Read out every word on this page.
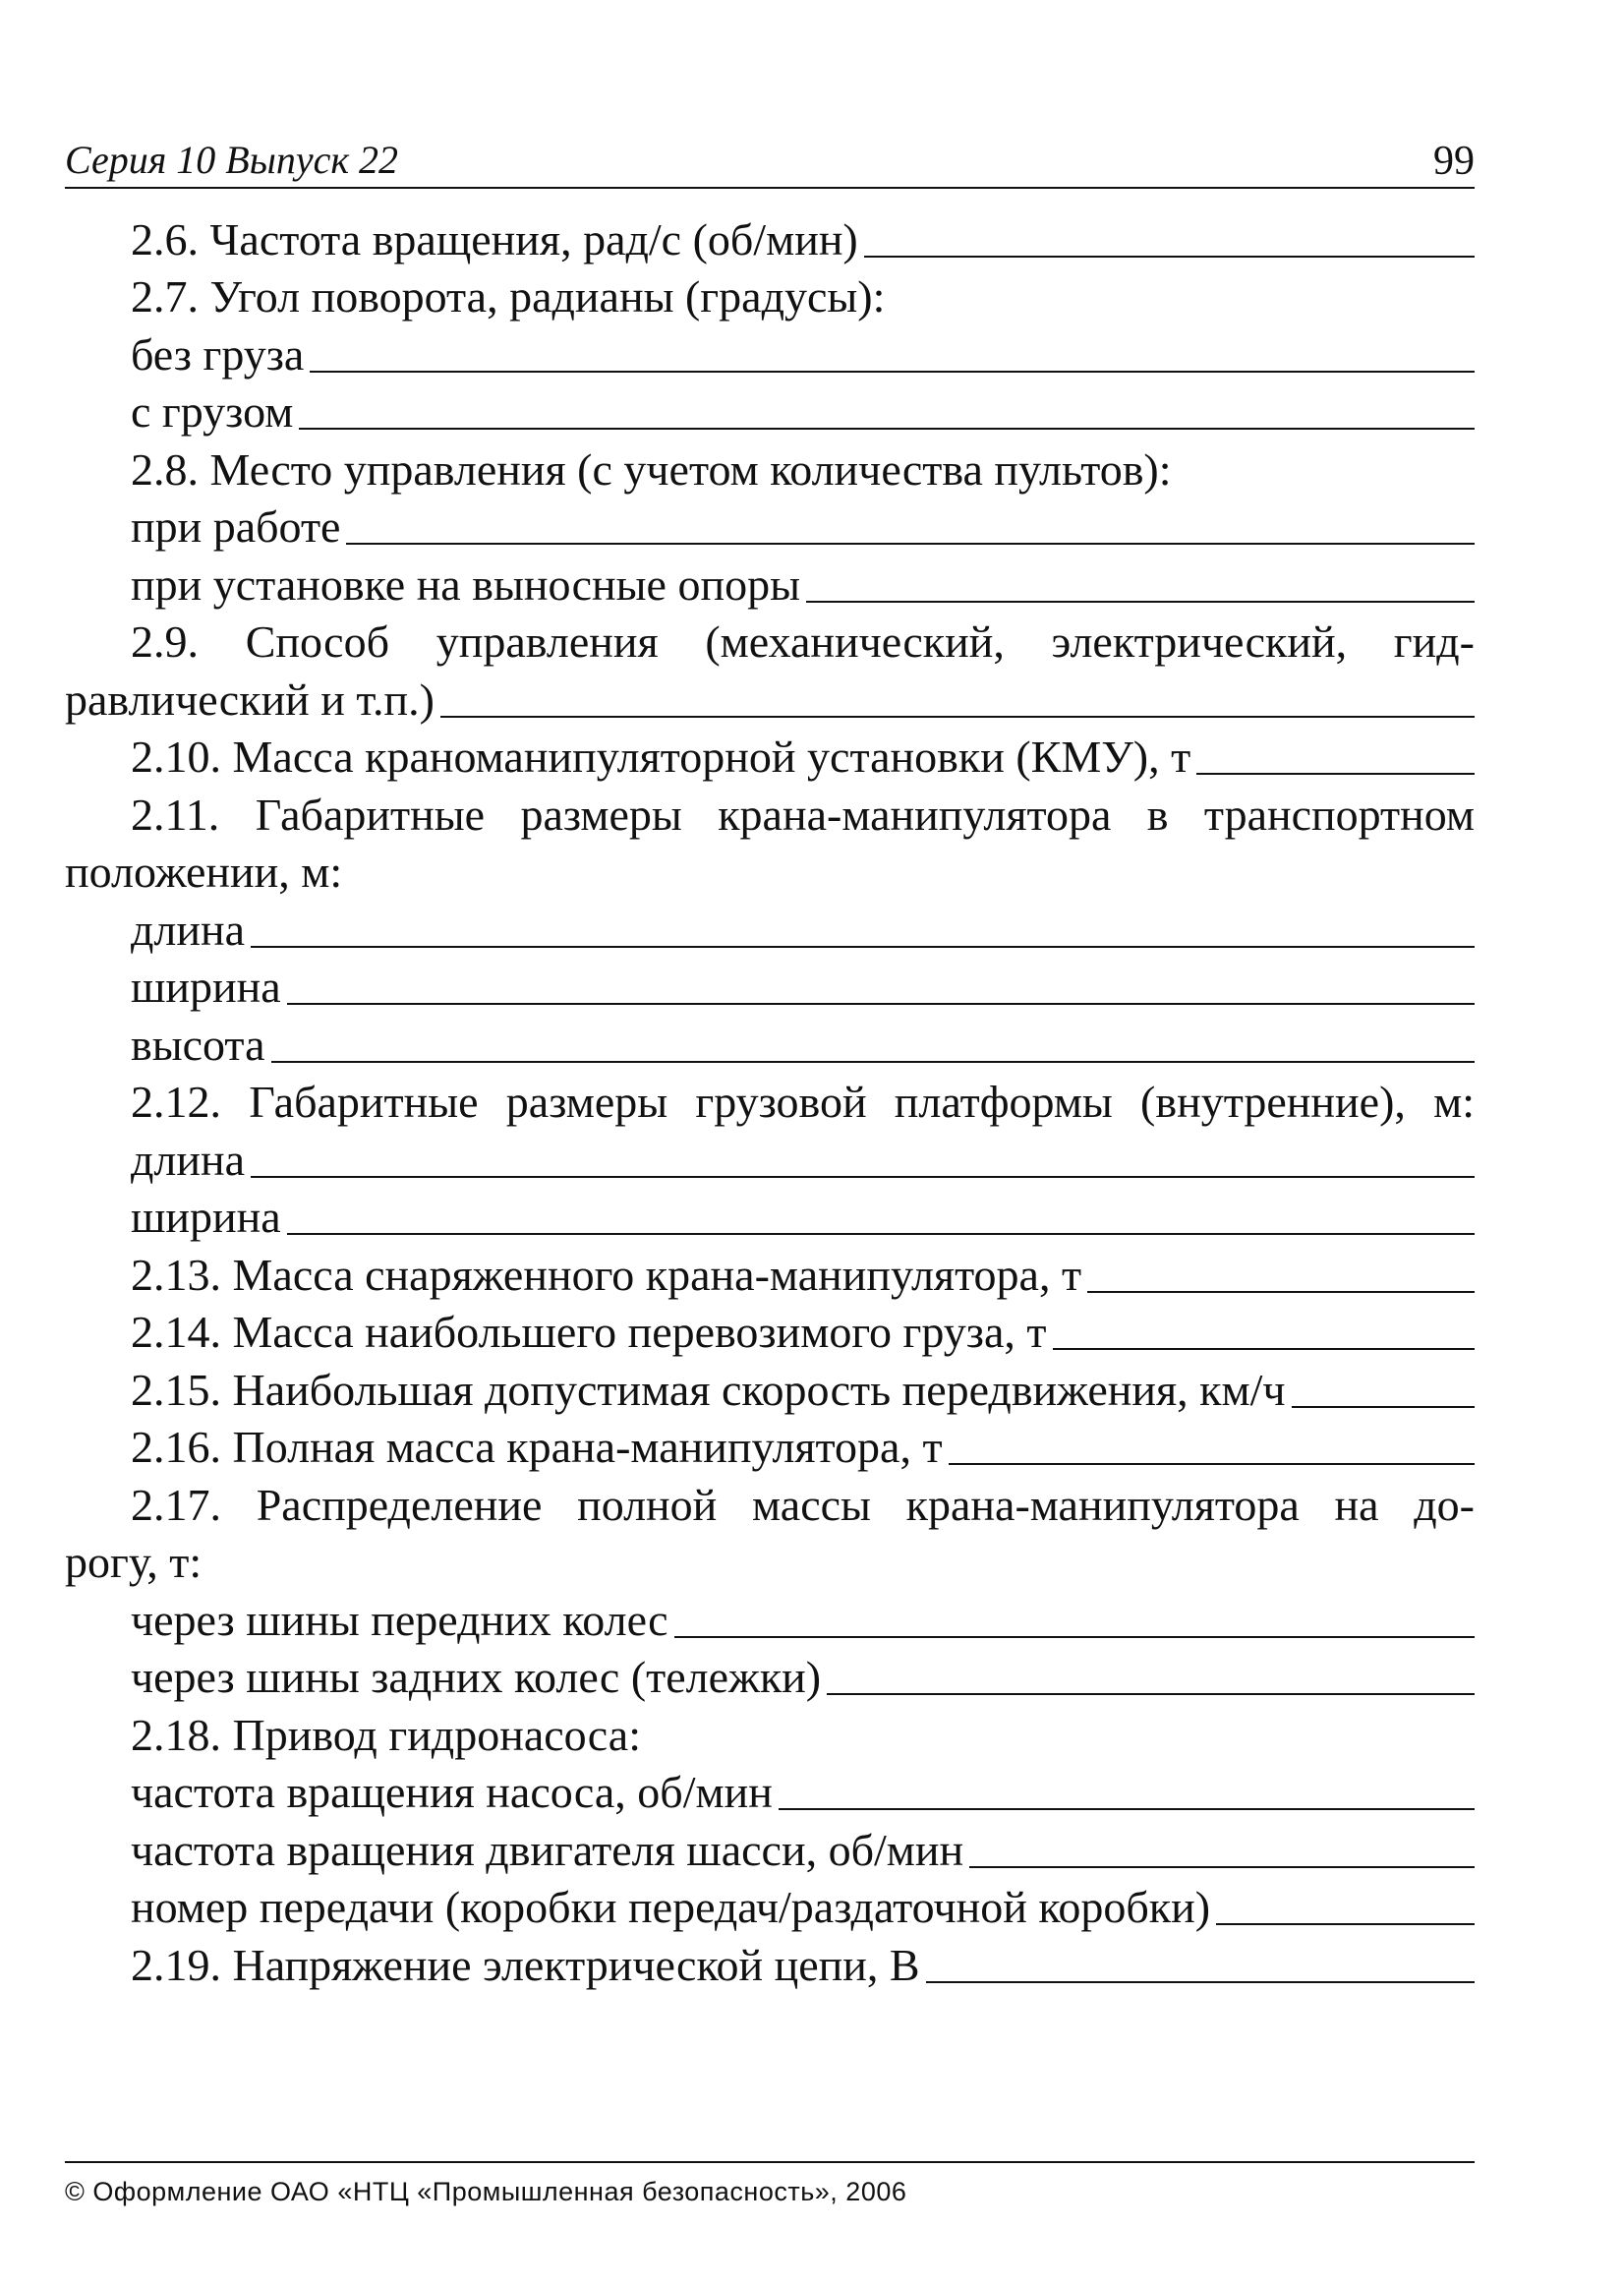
Серия 10 Выпуск 22	99
2.6. Частота вращения, рад/с (об/мин)
2.7. Угол поворота, радианы (градусы):
без груза
с грузом
2.8. Место управления (с учетом количества пультов):
при работе
при установке на выносные опоры
2.9. Способ управления (механический, электрический, гид-
равлический и т.п.)
2.10. Масса краноманипуляторной установки (КМУ), т
2.11. Габаритные размеры крана-манипулятора в транспортном
положении, м:
длина
ширина
высота
2.12. Габаритные размеры грузовой платформы (внутренние), м:
длина
ширина
2.13. Масса снаряженного крана-манипулятора, т
2.14. Масса наибольшего перевозимого груза, т
2.15. Наибольшая допустимая скорость передвижения, км/ч
2.16. Полная масса крана-манипулятора, т
2.17. Распределение полной массы крана-манипулятора на до-
рогу, т:
через шины передних колес
через шины задних колес (тележки)
2.18. Привод гидронасоса:
частота вращения насоса, об/мин
частота вращения двигателя шасси, об/мин
номер передачи (коробки передач/раздаточной коробки)
2.19. Напряжение электрической цепи, В
© Оформление ОАО «НТЦ «Промышленная безопасность», 2006
